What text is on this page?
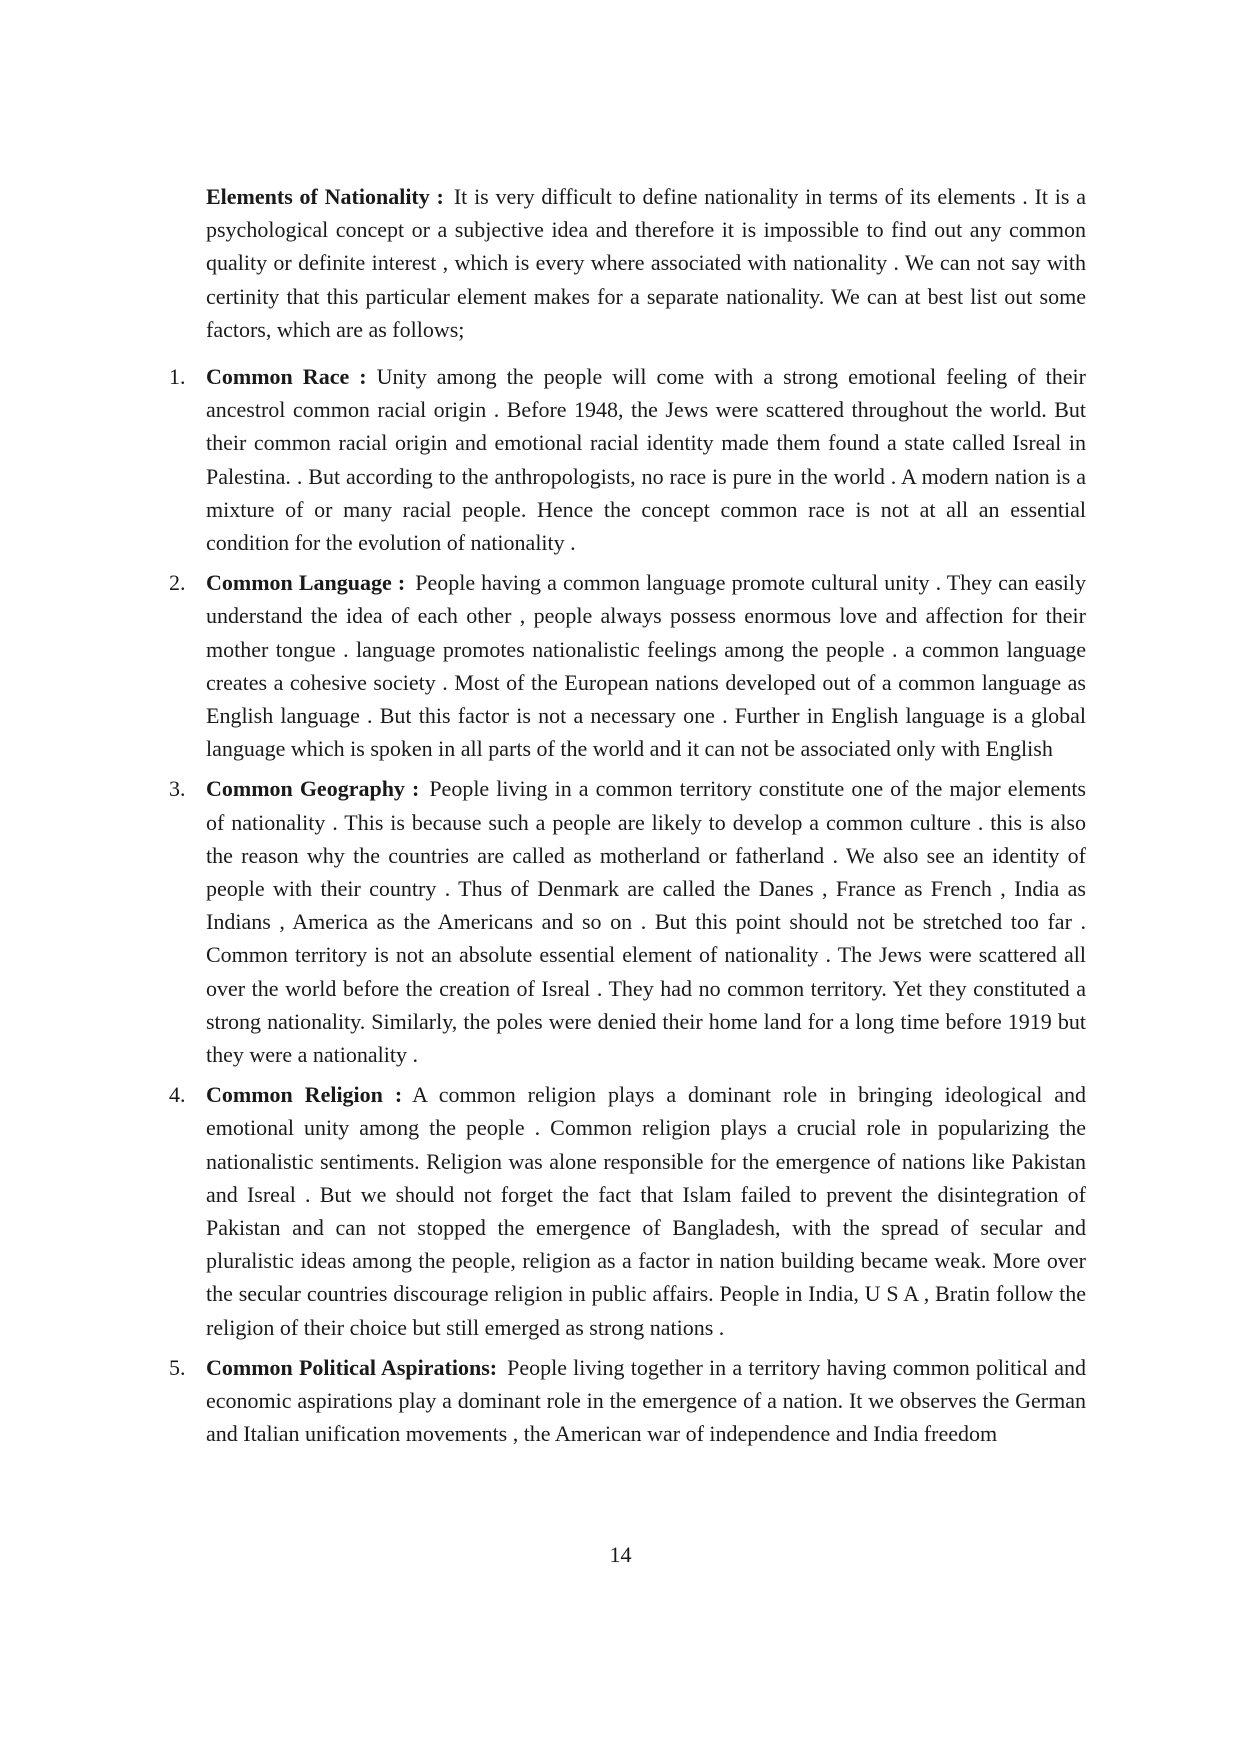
Elements of Nationality : It is very difficult to define nationality in terms of its elements . It is a psychological concept or a subjective idea and therefore it is impossible to find out any common quality or definite interest , which is every where associated with nationality . We can not say with certinity that this particular element makes for a separate nationality. We can at best list out some factors, which are as follows;

1. Common Race : Unity among the people will come with a strong emotional feeling of their ancestrol common racial origin . Before 1948, the Jews were scattered throughout the world. But their common racial origin and emotional racial identity made them found a state called Isreal in Palestina. . But according to the anthropologists, no race is pure in the world . A modern nation is a mixture of or many racial people. Hence the concept common race is not at all an essential condition for the evolution of nationality .

2. Common Language : People having a common language promote cultural unity . They can easily understand the idea of each other , people always possess enormous love and affection for their mother tongue . language promotes nationalistic feelings among the people . a common language creates a cohesive society . Most of the European nations developed out of a common language as English language . But this factor is not a necessary one . Further in English language is a global language which is spoken in all parts of the world and it can not be associated only with English

3. Common Geography : People living in a common territory constitute one of the major elements of nationality . This is because such a people are likely to develop a common culture . this is also the reason why the countries are called as motherland or fatherland . We also see an identity of people with their country . Thus of Denmark are called the Danes , France as French , India as Indians , America as the Americans and so on . But this point should not be stretched too far . Common territory is not an absolute essential element of nationality . The Jews were scattered all over the world before the creation of Isreal . They had no common territory. Yet they constituted a strong nationality. Similarly, the poles were denied their home land for a long time before 1919 but they were a nationality .

4. Common Religion : A common religion plays a dominant role in bringing ideological and emotional unity among the people . Common religion plays a crucial role in popularizing the nationalistic sentiments. Religion was alone responsible for the emergence of nations like Pakistan and Isreal . But we should not forget the fact that Islam failed to prevent the disintegration of Pakistan and can not stopped the emergence of Bangladesh, with the spread of secular and pluralistic ideas among the people, religion as a factor in nation building became weak. More over the secular countries discourage religion in public affairs. People in India, U S A , Bratin follow the religion of their choice but still emerged as strong nations .

5. Common Political Aspirations: People living together in a territory having common political and economic aspirations play a dominant role in the emergence of a nation. It we observes the German and Italian unification movements , the American war of independence and India freedom

14
